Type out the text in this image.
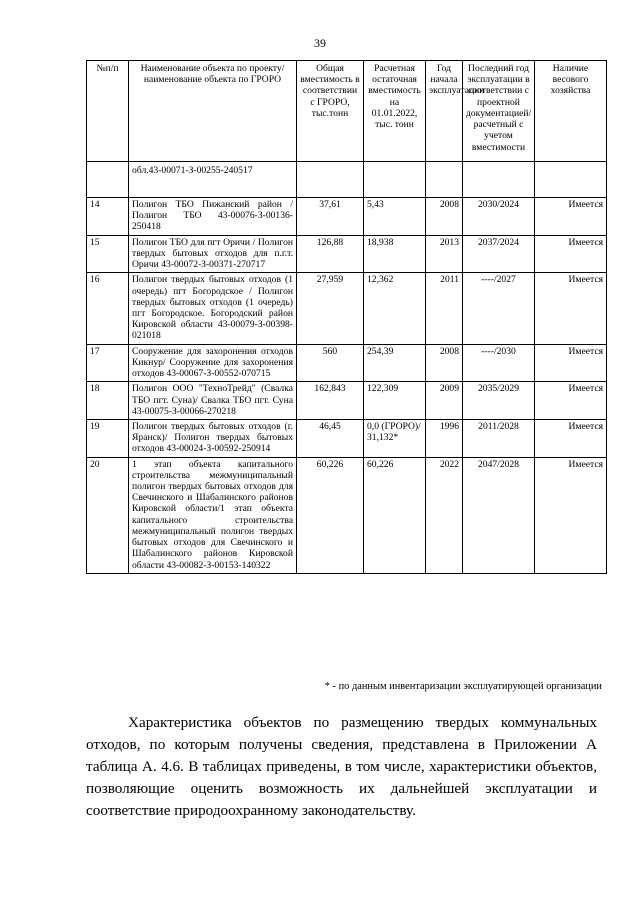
39
№п/п	Наименование объекта по проекту/ наименование объекта по ГРОРО	Общая вместимость в соответствии с ГРОРО, тыс.тонн	Расчетная остаточная вместимость на 01.01.2022, тыс. тонн	Год начала эксплуатации	Последний год эксплуатации в соответствии с проектной документацией/ расчетный с учетом вместимости	Наличие весового хозяйства
	обл.43-00071-З-00255-240517					
14	Полигон ТБО Пижанский район / Полигон ТБО 43-00076-З-00136-250418	37,61	5,43	2008	2030/2024	Имеется
15	Полигон ТБО для пгт Оричи / Полигон твердых бытовых отходов для п.г.т. Оричи 43-00072-З-00371-270717	126,88	18,938	2013	2037/2024	Имеется
16	Полигон твердых бытовых отходов (1 очередь) пгт Богородское / Полигон твердых бытовых отходов (1 очередь) пгт Богородское. Богородский район Кировской области 43-00079-З-00398-021018	27,959	12,362	2011	----/2027	Имеется
17	Сооружение для захоронения отходов Кикнур/ Сооружение для захоронения отходов 43-00067-З-00552-070715	560	254,39	2008	----/2030	Имеется
18	Полигон ООО "ТехноТрейд" (Свалка ТБО пгт. Суна)/ Свалка ТБО пгт. Суна 43-00075-З-00066-270218	162,843	122,309	2009	2035/2029	Имеется
19	Полигон твердых бытовых отходов (г. Яранск)/ Полигон твердых бытовых отходов 43-00024-З-00592-250914	46,45	0,0 (ГРОРО)/ 31,132*	1996	2011/2028	Имеется
20	1 этап объекта капитального строительства межмуниципальный полигон твердых бытовых отходов для Свечинского и Шабалинского районов Кировской области/1 этап объекта капитального строительства межмуниципальный полигон твердых бытовых отходов для Свечинского и Шабалинского районов Кировской области 43-00082-З-00153-140322	60,226	60,226	2022	2047/2028	Имеется
* - по данным инвентаризации эксплуатирующей организации

Характеристика объектов по размещению твердых коммунальных отходов, по которым получены сведения, представлена в Приложении А таблица А. 4.6. В таблицах приведены, в том числе, характеристики объектов, позволяющие оценить возможность их дальнейшей эксплуатации и соответствие природоохранному законодательству.
